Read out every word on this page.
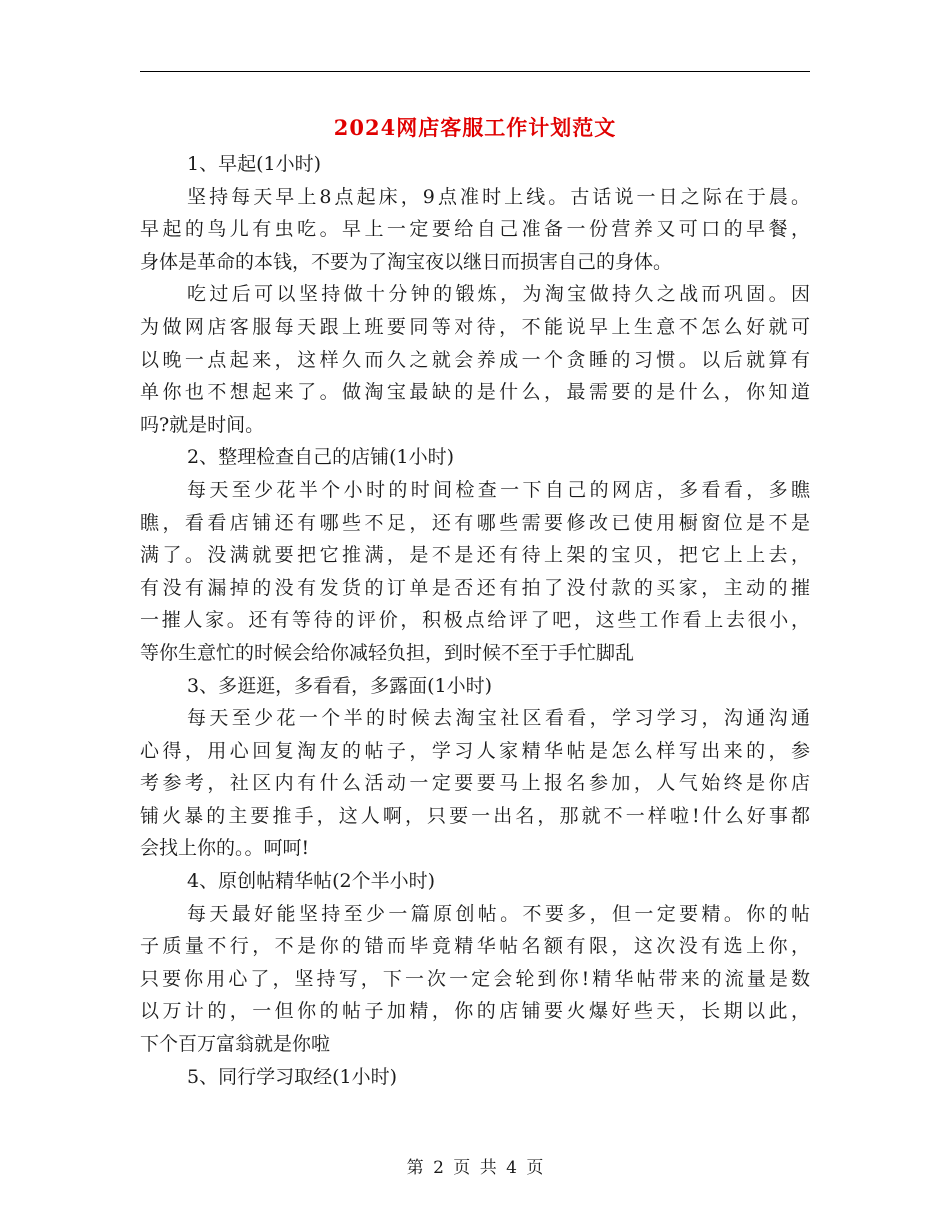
2024网店客服工作计划范文
1、早起(1小时)
坚持每天早上8点起床，9点准时上线。古话说一日之际在于晨。
早起的鸟儿有虫吃。早上一定要给自己准备一份营养又可口的早餐，
身体是革命的本钱，不要为了淘宝夜以继日而损害自己的身体。
吃过后可以坚持做十分钟的锻炼，为淘宝做持久之战而巩固。因
为做网店客服每天跟上班要同等对待，不能说早上生意不怎么好就可
以晚一点起来，这样久而久之就会养成一个贪睡的习惯。以后就算有
单你也不想起来了。做淘宝最缺的是什么，最需要的是什么，你知道
吗?就是时间。
2、整理检查自己的店铺(1小时)
每天至少花半个小时的时间检查一下自己的网店，多看看，多瞧
瞧，看看店铺还有哪些不足，还有哪些需要修改已使用橱窗位是不是
满了。没满就要把它推满，是不是还有待上架的宝贝，把它上上去，
有没有漏掉的没有发货的订单是否还有拍了没付款的买家，主动的摧
一摧人家。还有等待的评价，积极点给评了吧，这些工作看上去很小，
等你生意忙的时候会给你减轻负担，到时候不至于手忙脚乱
3、多逛逛，多看看，多露面(1小时)
每天至少花一个半的时候去淘宝社区看看，学习学习，沟通沟通
心得，用心回复淘友的帖子，学习人家精华帖是怎么样写出来的，参
考参考，社区内有什么活动一定要要马上报名参加，人气始终是你店
铺火暴的主要推手，这人啊，只要一出名，那就不一样啦!什么好事都
会找上你的。。呵呵!
4、原创帖精华帖(2个半小时)
每天最好能坚持至少一篇原创帖。不要多，但一定要精。你的帖
子质量不行，不是你的错而毕竟精华帖名额有限，这次没有选上你，
只要你用心了，坚持写，下一次一定会轮到你!精华帖带来的流量是数
以万计的，一但你的帖子加精，你的店铺要火爆好些天，长期以此，
下个百万富翁就是你啦
5、同行学习取经(1小时)
第 2 页 共 4 页
